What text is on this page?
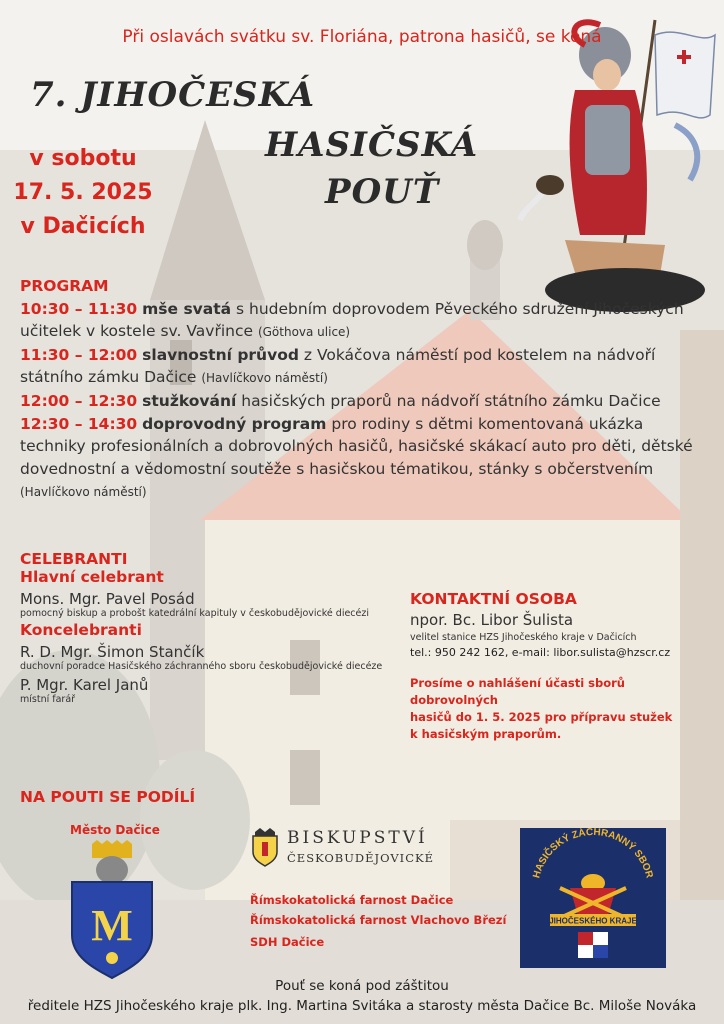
Při oslavách svátku sv. Floriána, patrona hasičů, se koná
7. JIHOČESKÁ
HASIČSKÁ
POUŤ
v sobotu
17. 5. 2025
v Dačicích
PROGRAM
10:30 – 11:30 mše svatá s hudebním doprovodem Pěveckého sdružení Jihočeských učitelek v kostele sv. Vavřince (Göthova ulice)
11:30 – 12:00 slavnostní průvod z Vokáčova náměstí pod kostelem na nádvoří státního zámku Dačice (Havlíčkovo náměstí)
12:00 – 12:30 stužkování hasičských praporů na nádvoří státního zámku Dačice
12:30 – 14:30 doprovodný program pro rodiny s dětmi komentovaná ukázka techniky profesionálních a dobrovolných hasičů, hasičské skákací auto pro děti, dětské dovednostní a vědomostní soutěže s hasičskou tématikou, stánky s občerstvením
(Havlíčkovo náměstí)
CELEBRANTI
Hlavní celebrant
Mons. Mgr. Pavel Posád
pomocný biskup a probošt katedrální kapituly v českobudějovické diecézi
Koncelebranti
R. D. Mgr. Šimon Stančík
duchovní poradce Hasičského záchranného sboru českobudějovické diecéze
P. Mgr. Karel Janů
místní farář
KONTAKTNÍ OSOBA
npor. Bc. Libor Šulista
velitel stanice HZS Jihočeského kraje v Dačicích
tel.: 950 242 162, e-mail: libor.sulista@hzscr.cz
Prosíme o nahlášení účasti sborů dobrovolných
hasičů do 1. 5. 2025 pro přípravu stužek
k hasičským praporům.
NA POUTI SE PODÍLÍ
Město Dačice
M
BISKUPSTVÍ
ČESKOBUDĚJOVICKÉ
Římskokatolická farnost Dačice
Římskokatolická farnost Vlachovo Březí
SDH Dačice
HASIČSKÝ ZÁCHRANNÝ SBOR
JIHOČESKÉHO KRAJE
Pouť se koná pod záštitou
ředitele HZS Jihočeského kraje plk. Ing. Martina Svitáka a starosty města Dačice Bc. Miloše Nováka
